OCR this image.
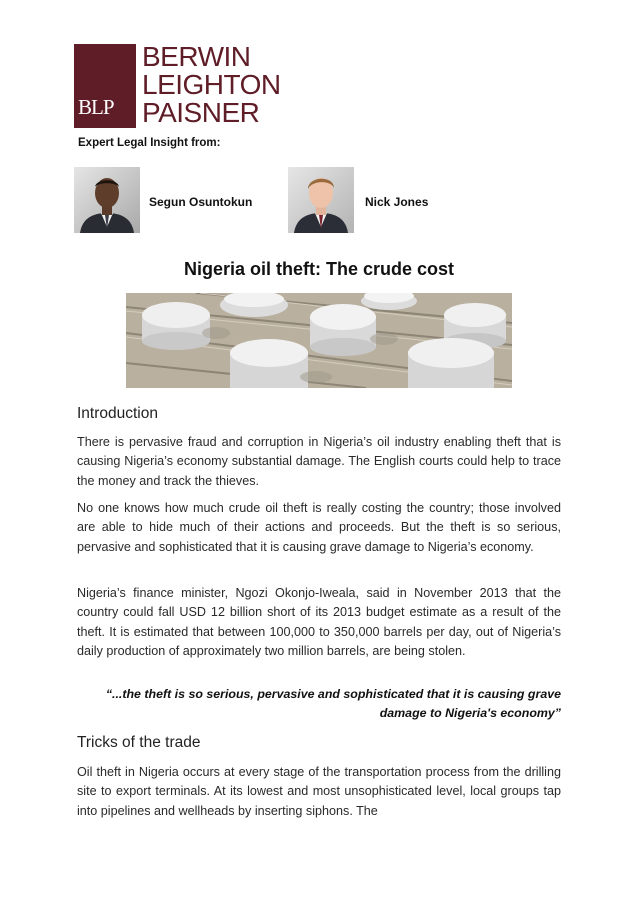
BLP
BERWIN
LEIGHTON
PAISNER
Expert Legal Insight from:
Segun Osuntokun	Nick Jones
Nigeria oil theft: The crude cost
Introduction

There is pervasive fraud and corruption in Nigeria’s oil industry enabling theft that is causing Nigeria’s economy substantial damage. The English courts could help to trace the money and track the thieves.

No one knows how much crude oil theft is really costing the country; those involved are able to hide much of their actions and proceeds. But the theft is so serious, pervasive and sophisticated that it is causing grave damage to Nigeria’s economy.

Nigeria’s finance minister, Ngozi Okonjo-Iweala, said in November 2013 that the country could fall USD 12 billion short of its 2013 budget estimate as a result of the theft. It is estimated that between 100,000 to 350,000 barrels per day, out of Nigeria’s daily production of approximately two million barrels, are being stolen.

“...the theft is so serious, pervasive and sophisticated that it is causing grave damage to Nigeria's economy”
Tricks of the trade

Oil theft in Nigeria occurs at every stage of the transportation process from the drilling site to export terminals. At its lowest and most unsophisticated level, local groups tap into pipelines and wellheads by inserting siphons. The
